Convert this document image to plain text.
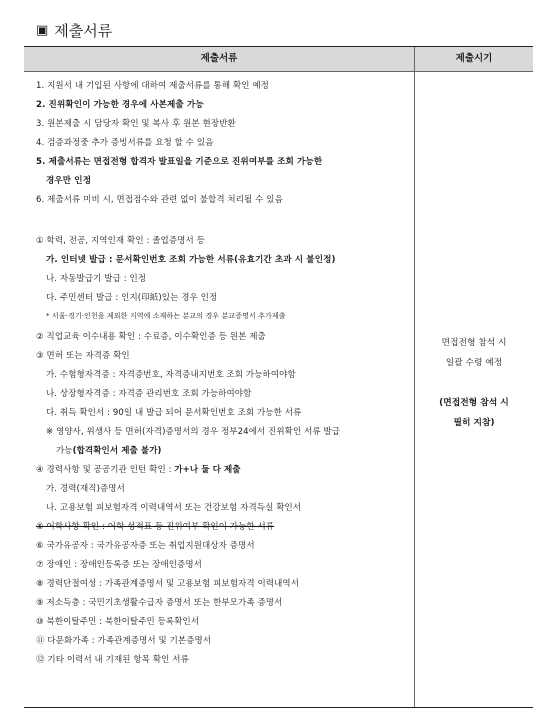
▣ 제출서류
제출서류	제출시기
1. 지원서 내 기입된 사항에 대하여 제출서류를 통해 확인 예정
2. 진위확인이 가능한 경우에 사본제출 가능
3. 원본제출 시 담당자 확인 및 복사 후 원본 현장반환
4. 검증과정중 추가 증빙서류를 요청 할 수 있음
5. 제출서류는 면접전형 합격자 발표일을 기준으로 진위여부를 조회 가능한
경우만 인정
6. 제출서류 미비 시, 면접점수와 관련 없이 불합격 처리될 수 있음
① 학력, 전공, 지역인재 확인 : 졸업증명서 등
가. 인터넷 발급 : 문서확인번호 조회 가능한 서류(유효기간 초과 시 불인정)
나. 자동발급기 발급 : 인정
다. 주민센터 발급 : 인지(印紙)있는 경우 인정
* 서울·경기·인천을 제외한 지역에 소재하는 분교의 경우 분교증명서 추가제출
② 직업교육 이수내용 확인 : 수료증, 이수확인증 등 원본 제출
③ 면허 또는 자격증 확인
가. 수험형자격증 : 자격증번호, 자격증내지번호 조회 가능하여야함
나. 상장형자격증 : 자격증 관리번호 조회 가능하여야함
다. 취득 확인서 : 90일 내 발급 되어 문서확인번호 조회 가능한 서류
※ 영양사, 위생사 등 면허(자격)증명서의 경우 정부24에서 진위확인 서류 발급
가능(합격확인서 제출 불가)
④ 경력사항 및 공공기관 인턴 확인 : 가+나 둘 다 제출
가. 경력(재직)증명서
나. 고용보험 피보험자격 이력내역서 또는 건강보험 자격득실 확인서
⑤ 어학사항 확인 : 어학 성적표 등 진위여부 확인이 가능한 서류
⑥ 국가유공자 : 국가유공자증 또는 취업지원대상자 증명서
⑦ 장애인 : 장애인등록증 또는 장애인증명서
⑧ 경력단절여성 : 가족관계증명서 및 고용보험 피보험자격 이력내역서
⑨ 저소득층 : 국민기초생활수급자 증명서 또는 한부모가족 증명서
⑩ 북한이탈주민 : 북한이탈주민 등록확인서
⑪ 다문화가족 : 가족관계증명서 및 기본증명서
⑫ 기타 이력서 내 기재된 항목 확인 서류
면접전형 참석 시
일괄 수령 예정
(면접전형 참석 시
필히 지참)
